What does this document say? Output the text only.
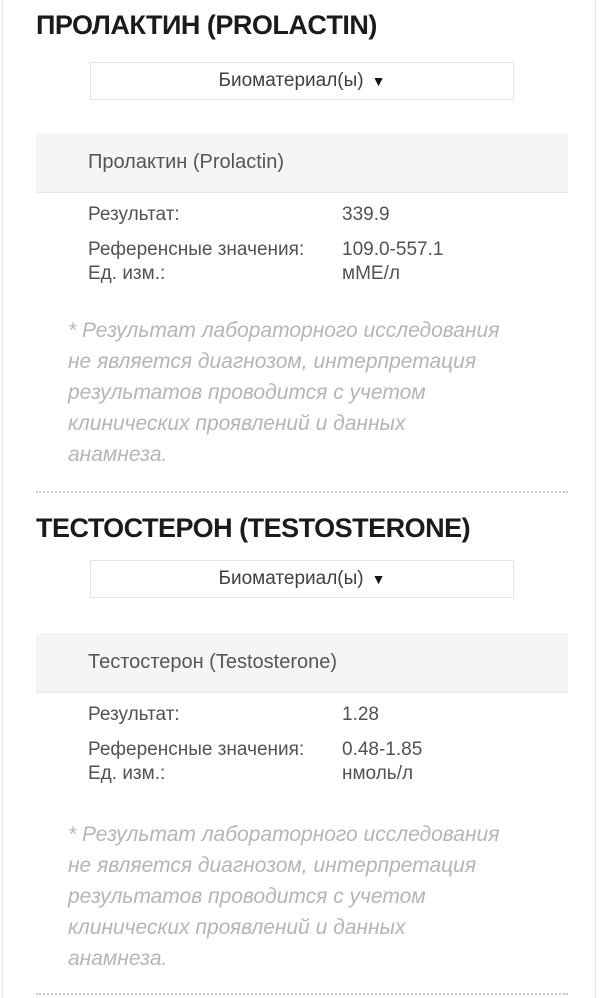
ПРОЛАКТИН (PROLACTIN)
Биоматериал(ы) ▼
Пролактин (Prolactin)
Результат:	339.9
Референсные значения:	109.0-557.1
Ед. изм.:	мМЕ/л
* Результат лабораторного исследования
не является диагнозом, интерпретация
результатов проводится с учетом
клинических проявлений и данных
анамнеза.
ТЕСТОСТЕРОН (TESTOSTERONE)
Биоматериал(ы) ▼
Тестостерон (Testosterone)
Результат:	1.28
Референсные значения:	0.48-1.85
Ед. изм.:	нмоль/л
* Результат лабораторного исследования
не является диагнозом, интерпретация
результатов проводится с учетом
клинических проявлений и данных
анамнеза.
